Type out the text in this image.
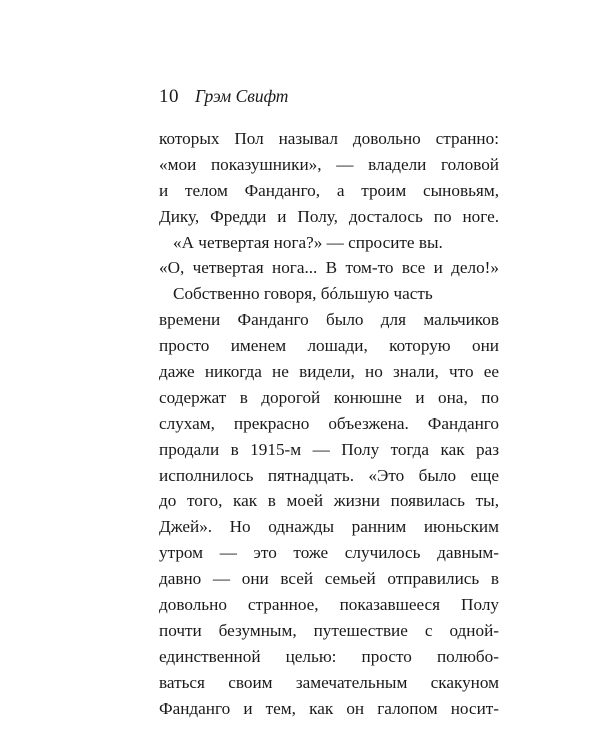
10 Грэм Свифт
которых Пол называл довольно странно:
«мои показушники», — владели головой
и телом Фанданго, а троим сыновьям,
Дику, Фредди и Полу, досталось по ноге.
«А четвертая нога?» — спросите вы.
«О, четвертая нога... В том-то все и дело!»
Собственно говоря, бóльшую часть
времени Фанданго было для мальчиков
просто именем лошади, которую они
даже никогда не видели, но знали, что ее
содержат в дорогой конюшне и она, по
слухам, прекрасно объезжена. Фанданго
продали в 1915-м — Полу тогда как раз
исполнилось пятнадцать. «Это было еще
до того, как в моей жизни появилась ты,
Джей». Но однажды ранним июньским
утром — это тоже случилось давным-
давно — они всей семьей отправились в
довольно странное, показавшееся Полу
почти безумным, путешествие с одной-
единственной целью: просто полюбо-
ваться своим замечательным скакуном
Фанданго и тем, как он галопом носит-
